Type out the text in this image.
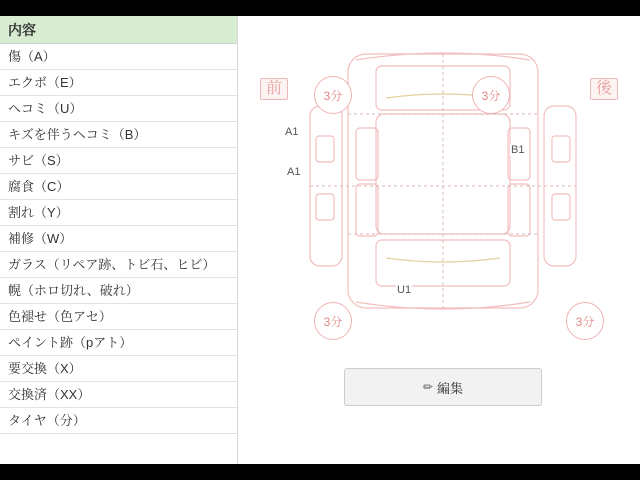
内容
傷（A）
エクボ（E）
ヘコミ（U）
キズを伴うヘコミ（B）
サビ（S）
腐食（C）
割れ（Y）
補修（W）
ガラス（リペア跡、トビ石、ヒビ）
幌（ホロ切れ、破れ）
色褪せ（色アセ）
ペイント跡（pアト）
要交換（X）
交換済（XX）
タイヤ（分）
前	後
3分	3分
3分	3分
A1
A1
B1
U1
✏ 編集
